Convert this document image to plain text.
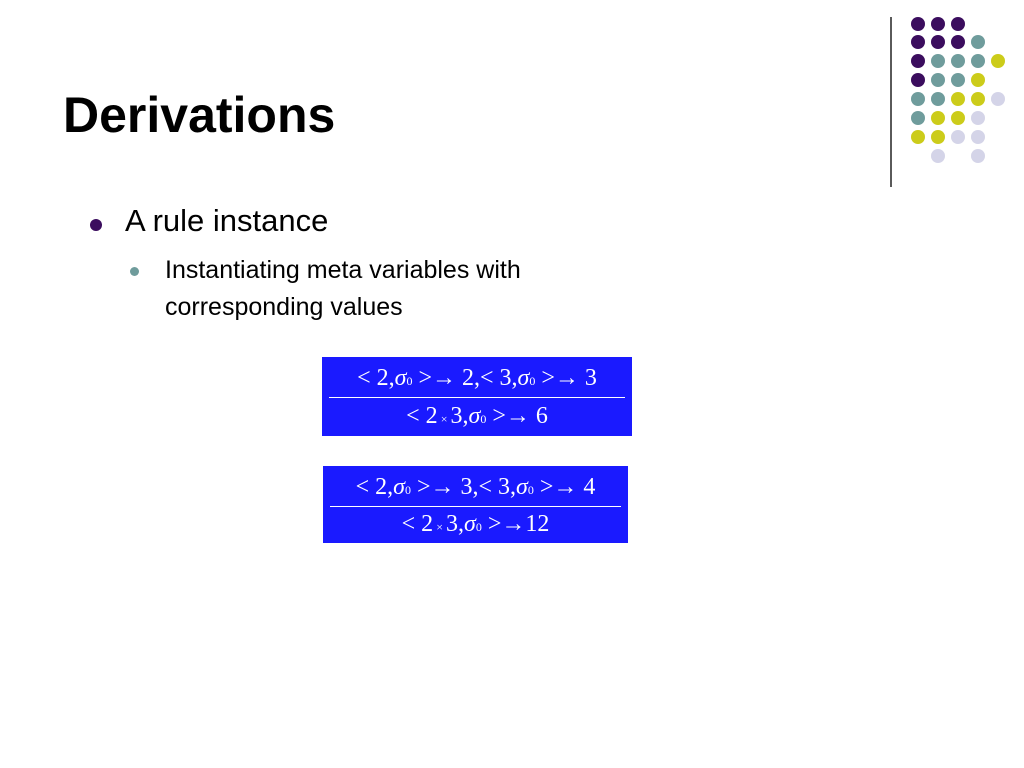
Derivations
A rule instance
Instantiating meta variables with corresponding values
< 2,σ0 >→ 2,< 3,σ0 >→ 3
< 2 × 3,σ0 >→ 6
< 2,σ0 >→ 3,< 3,σ0 >→ 4
< 2 × 3,σ0 >→12
